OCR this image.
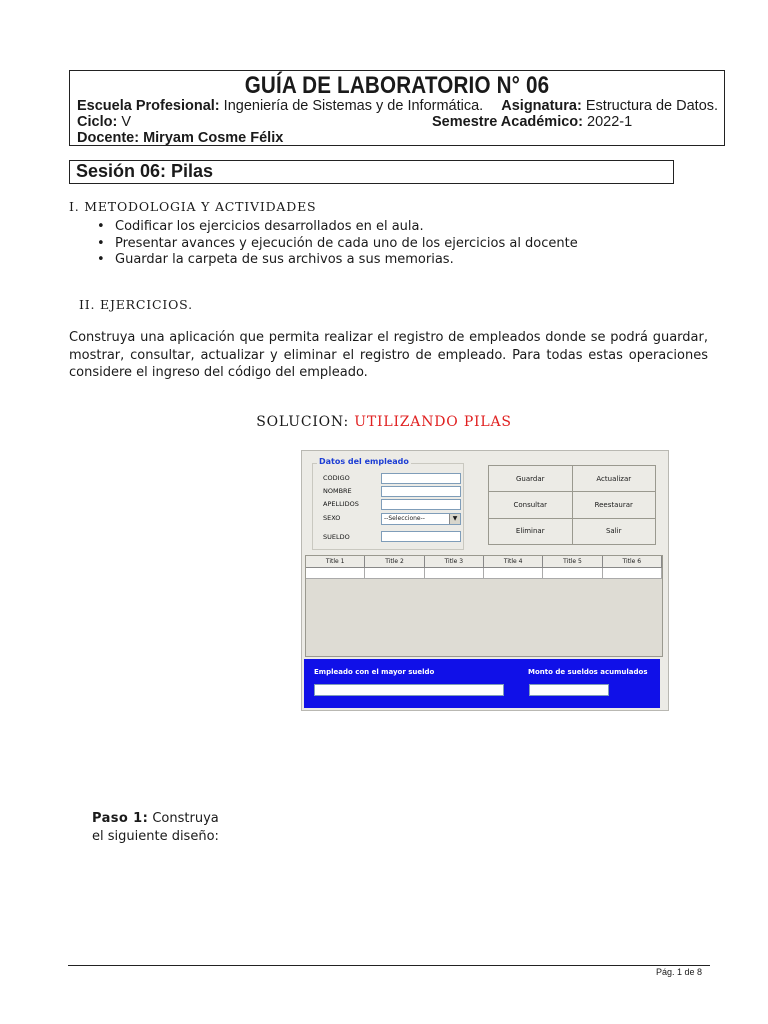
GUÍA DE LABORATORIO N° 06
Escuela Profesional: Ingeniería de Sistemas y de Informática. Asignatura: Estructura de Datos.
Ciclo: V	Semestre Académico: 2022-1
Docente: Miryam Cosme Félix
Sesión 06: Pilas
I. METODOLOGIA Y ACTIVIDADES
• Codificar los ejercicios desarrollados en el aula.
• Presentar avances y ejecución de cada uno de los ejercicios al docente
• Guardar la carpeta de sus archivos a sus memorias.
II. EJERCICIOS.
Construya una aplicación que permita realizar el registro de empleados donde se podrá guardar, mostrar, consultar, actualizar y eliminar el registro de empleado. Para todas estas operaciones considere el ingreso del código del empleado.
SOLUCION: UTILIZANDO PILAS
Datos del empleado
CODIGO
NOMBRE
APELLIDOS
SEXO	--Seleccione--	▼
SUELDO
Guardar	Actualizar
Consultar	Reestaurar
Eliminar	Salir
Title 1	Title 2	Title 3	Title 4	Title 5	Title 6
Empleado con el mayor sueldo	Monto de sueldos acumulados
Paso 1: Construya
el siguiente diseño:
Pág. 1 de 8
